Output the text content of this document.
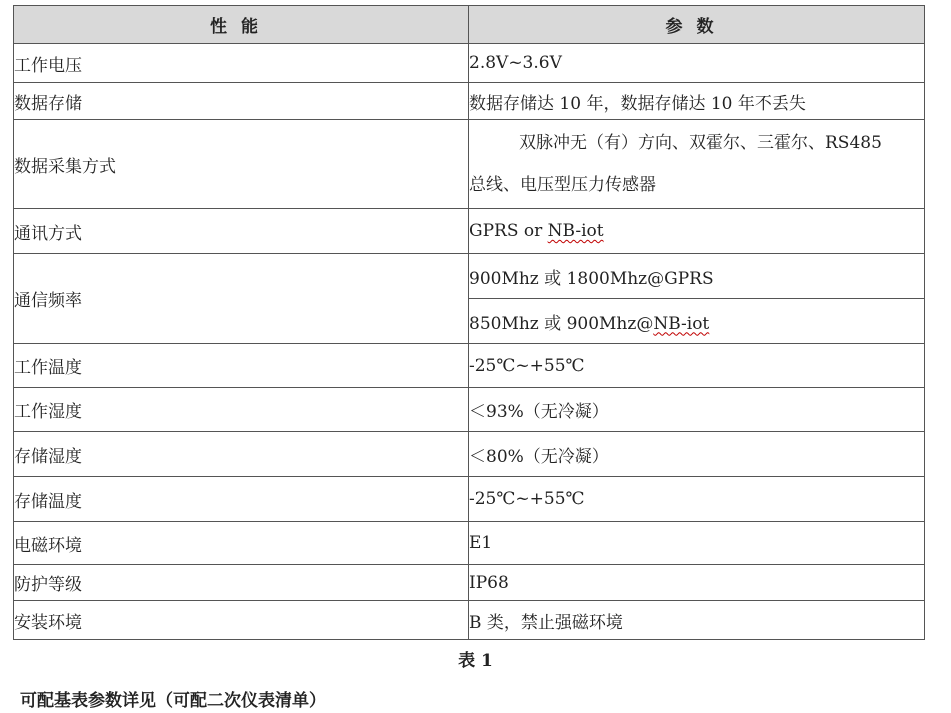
性能	参数
工作电压	2.8V~3.6V
数据存储	数据存储达 10 年，数据存储达 10 年不丢失
数据采集方式	双脉冲无（有）方向、双霍尔、三霍尔、RS485
总线、电压型压力传感器
通讯方式	GPRS or NB-iot
通信频率	900Mhz 或 1800Mhz@GPRS
	850Mhz 或 900Mhz@NB-iot
工作温度	-25℃~+55℃
工作湿度	＜93%（无冷凝）
存储湿度	＜80%（无冷凝）
存储温度	-25℃~+55℃
电磁环境	E1
防护等级	IP68
安装环境	B 类，禁止强磁环境
表 1
可配基表参数详见（可配二次仪表清单）
